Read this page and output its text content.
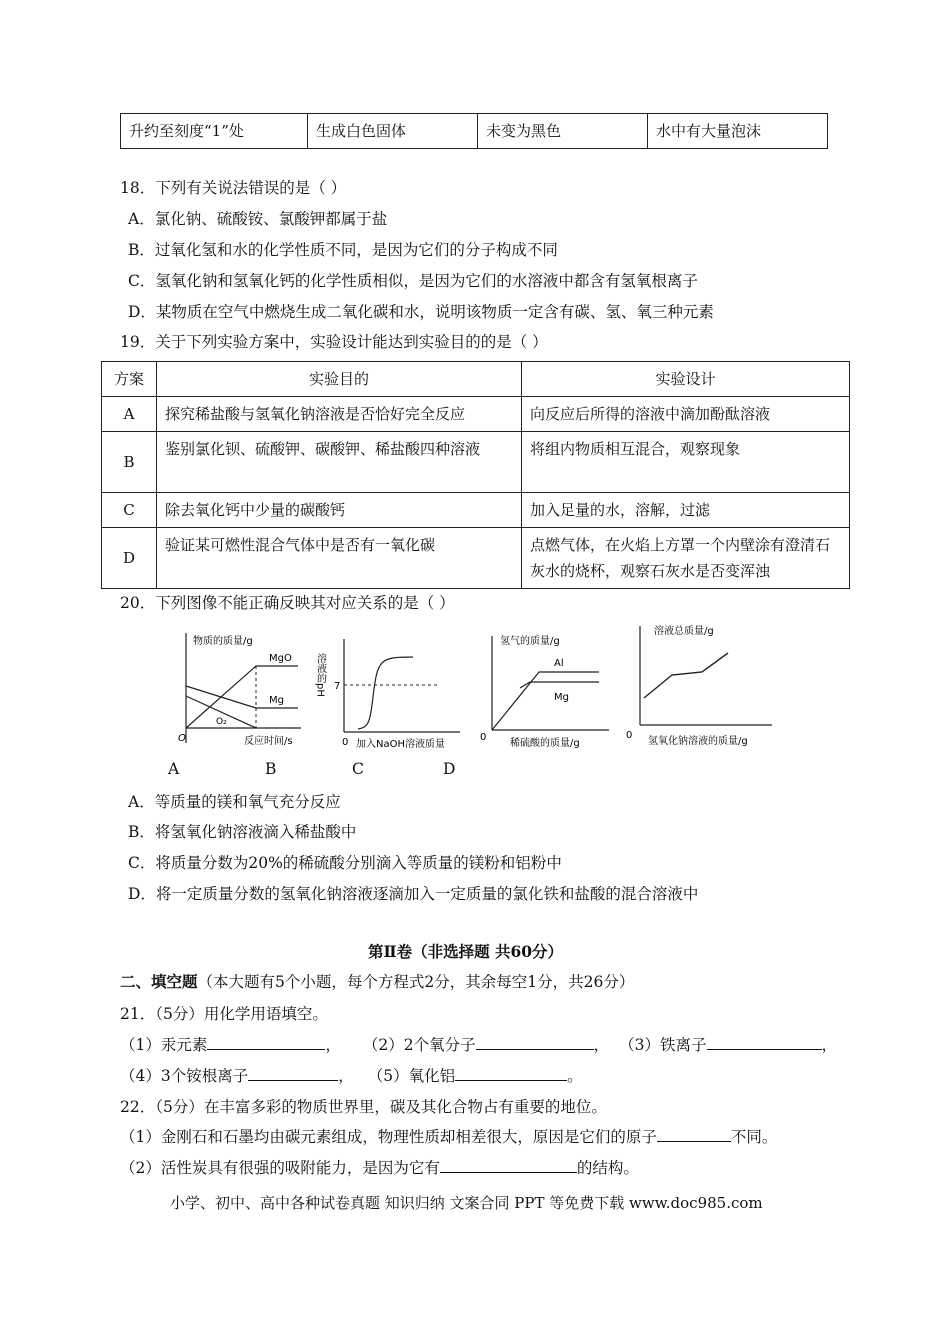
升约至刻度“1”处	生成白色固体	未变为黑色	水中有大量泡沫
18．下列有关说法错误的是（ ）
A．氯化钠、硫酸铵、氯酸钾都属于盐
B．过氧化氢和水的化学性质不同，是因为它们的分子构成不同
C．氢氧化钠和氢氧化钙的化学性质相似，是因为它们的水溶液中都含有氢氧根离子
D．某物质在空气中燃烧生成二氧化碳和水，说明该物质一定含有碳、氢、氧三种元素
19．关于下列实验方案中，实验设计能达到实验目的的是（ ）
方案	实验目的	实验设计
A	探究稀盐酸与氢氧化钠溶液是否恰好完全反应	向反应后所得的溶液中滴加酚酞溶液
B	鉴别氯化钡、硫酸钾、碳酸钾、稀盐酸四种溶液	将组内物质相互混合，观察现象
C	除去氧化钙中少量的碳酸钙	加入足量的水，溶解，过滤
D	验证某可燃性混合气体中是否有一氧化碳	点燃气体，在火焰上方罩一个内壁涂有澄清石灰水的烧杯，观察石灰水是否变浑浊
20．下列图像不能正确反映其对应关系的是（ ）
物质的质量/g
MgO
Mg
O₂
O	反应时间/s
溶液的pH 7
0 加入NaOH溶液质量
氢气的质量/g
Al
Mg
0
稀硫酸的质量/g
溶液总质量/g
0
氢氧化钠溶液的质量/g
A	B	C	D
A．等质量的镁和氧气充分反应
B．将氢氧化钠溶液滴入稀盐酸中
C．将质量分数为20%的稀硫酸分别滴入等质量的镁粉和铝粉中
D．将一定质量分数的氢氧化钠溶液逐滴加入一定质量的氯化铁和盐酸的混合溶液中
第Ⅱ卷（非选择题 共60分）
二、填空题（本大题有5个小题，每个方程式2分，其余每空1分，共26分）
21．（5分）用化学用语填空。
（1）汞元素	， （2）2个氧分子	， （3）铁离子	，
（4）3个铵根离子	， （5）氧化铝	。
22．（5分）在丰富多彩的物质世界里，碳及其化合物占有重要的地位。
（1）金刚石和石墨均由碳元素组成，物理性质却相差很大，原因是它们的原子	不同。
（2）活性炭具有很强的吸附能力，是因为它有	的结构。
小学、初中、高中各种试卷真题 知识归纳 文案合同 PPT 等免费下载 www.doc985.com
